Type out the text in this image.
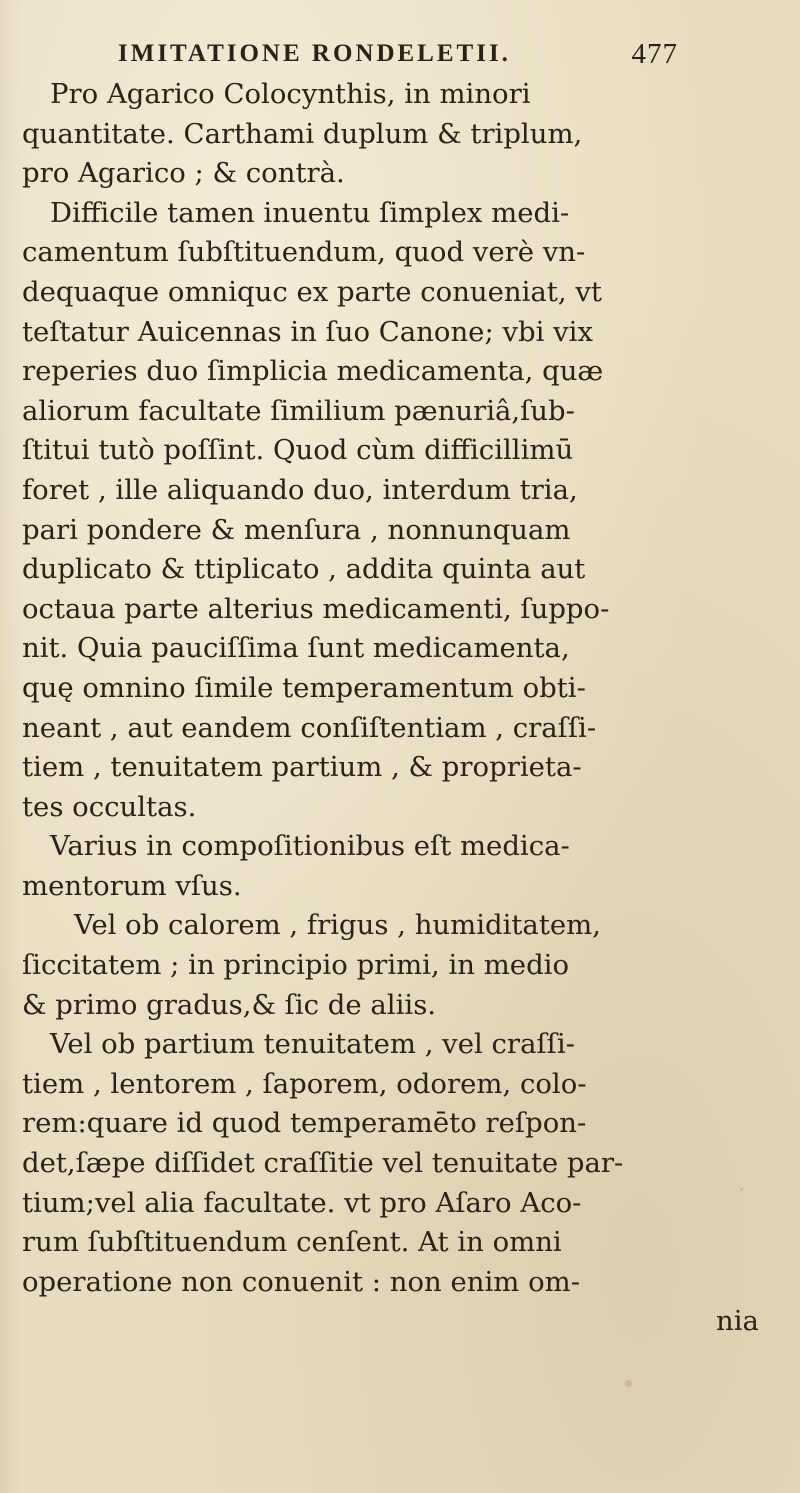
IMITATIONE RONDELETII.	477
Pro Agarico Colocynthis, in minori
quantitate. Carthami duplum & triplum,
pro Agarico ; & contrà.
Difficile tamen inuentu ſimplex medi-
camentum ſubſtituendum, quod verè vn-
dequaque omniquc ex parte conueniat, vt
teſtatur Auicennas in ſuo Canone; vbi vix
reperies duo ſimplicia medicamenta, quæ
aliorum facultate ſimilium pænuriâ,ſub-
ſtitui tutò poſſint. Quod cùm difficillimū
foret , ille aliquando duo, interdum tria,
pari pondere & menſura , nonnunquam
duplicato & ttiplicato , addita quinta aut
octaua parte alterius medicamenti, ſuppo-
nit. Quia pauciſſima ſunt medicamenta,
quę omnino ſimile temperamentum obti-
neant , aut eandem conſiſtentiam , craſſi-
tiem , tenuitatem partium , & proprieta-
tes occultas.
Varius in compoſitionibus eſt medica-
mentorum vſus.
Vel ob calorem , frigus , humiditatem,
ſiccitatem ; in principio primi, in medio
& primo gradus,& ſic de aliis.
Vel ob partium tenuitatem , vel craſſi-
tiem , lentorem , ſaporem, odorem, colo-
rem:quare id quod temperamēto reſpon-
det,ſæpe diſſidet craſſitie vel tenuitate par-
tium;vel alia facultate. vt pro Aſaro Aco-
rum ſubſtituendum cenſent. At in omni
operatione non conuenit : non enim om-
nia
